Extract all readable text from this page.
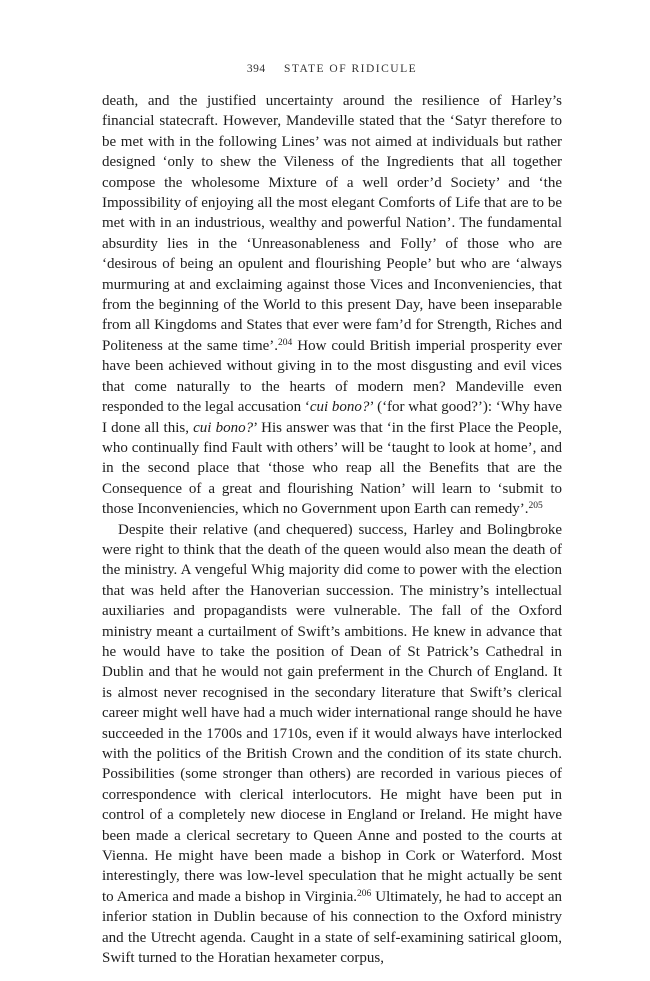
394 STATE OF RIDICULE

death, and the justified uncertainty around the resilience of Harley’s financial statecraft. However, Mandeville stated that the ‘Satyr therefore to be met with in the following Lines’ was not aimed at individuals but rather designed ‘only to shew the Vileness of the Ingredients that all together compose the wholesome Mixture of a well order’d Society’ and ‘the Impossibility of enjoying all the most elegant Comforts of Life that are to be met with in an industrious, wealthy and powerful Nation’. The fundamental absurdity lies in the ‘Unreasonableness and Folly’ of those who are ‘desirous of being an opulent and flourishing People’ but who are ‘always murmuring at and exclaiming against those Vices and Inconveniencies, that from the beginning of the World to this present Day, have been inseparable from all Kingdoms and States that ever were fam’d for Strength, Riches and Politeness at the same time’.$^{204}$ How could British imperial prosperity ever have been achieved without giving in to the most disgusting and evil vices that come naturally to the hearts of modern men? Mandeville even responded to the legal accusation ‘cui bono?’ (‘for what good?’): ‘Why have I done all this, cui bono?’ His answer was that ‘in the first Place the People, who continually find Fault with others’ will be ‘taught to look at home’, and in the second place that ‘those who reap all the Benefits that are the Consequence of a great and flourishing Nation’ will learn to ‘submit to those Inconveniencies, which no Government upon Earth can remedy’.$^{205}$

Despite their relative (and chequered) success, Harley and Bolingbroke were right to think that the death of the queen would also mean the death of the ministry. A vengeful Whig majority did come to power with the election that was held after the Hanoverian succession. The ministry’s intellectual auxiliaries and propagandists were vulnerable. The fall of the Oxford ministry meant a curtailment of Swift’s ambitions. He knew in advance that he would have to take the position of Dean of St Patrick’s Cathedral in Dublin and that he would not gain preferment in the Church of England. It is almost never recognised in the secondary literature that Swift’s clerical career might well have had a much wider international range should he have succeeded in the 1700s and 1710s, even if it would always have interlocked with the politics of the British Crown and the condition of its state church. Possibilities (some stronger than others) are recorded in various pieces of correspondence with clerical interlocutors. He might have been put in control of a completely new diocese in England or Ireland. He might have been made a clerical secretary to Queen Anne and posted to the courts at Vienna. He might have been made a bishop in Cork or Waterford. Most interestingly, there was low-level speculation that he might actually be sent to America and made a bishop in Virginia.$^{206}$ Ultimately, he had to accept an inferior station in Dublin because of his connection to the Oxford ministry and the Utrecht agenda. Caught in a state of self-examining satirical gloom, Swift turned to the Horatian hexameter corpus,
